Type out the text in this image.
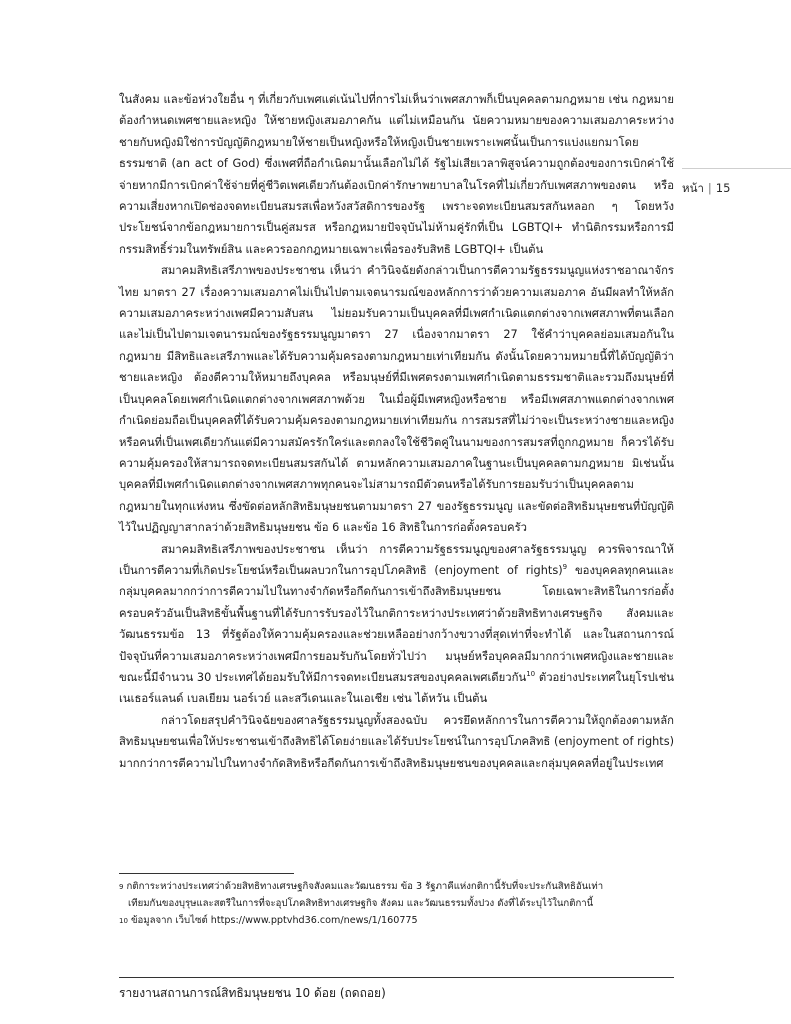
หน้า | 15

ในสังคม และข้อห่วงใยอื่น ๆ ที่เกี่ยวกับเพศแต่เน้นไปที่การไม่เห็นว่าเพศสภาพก็เป็นบุคคลตามกฎหมาย เช่น กฎหมายต้องกำหนดเพศชายและหญิง ให้ชายหญิงเสมอภาคกัน แต่ไม่เหมือนกัน นัยความหมายของความเสมอภาคระหว่างชายกับหญิงมิใช่การบัญญัติกฎหมายให้ชายเป็นหญิงหรือให้หญิงเป็นชายเพราะเพศนั้นเป็นการแบ่งแยกมาโดยธรรมชาติ (an act of God) ซึ่งเพศที่ถือกำเนิดมานั้นเลือกไม่ได้ รัฐไม่เสียเวลาพิสูจน์ความถูกต้องของการเบิกค่าใช้จ่ายหากมีการเบิกค่าใช้จ่ายที่คู่ชีวิตเพศเดียวกันต้องเบิกค่ารักษาพยาบาลในโรคที่ไม่เกี่ยวกับเพศสภาพของตน หรือความเสี่ยงหากเปิดช่องจดทะเบียนสมรสเพื่อหวังสวัสดิการของรัฐ เพราะจดทะเบียนสมรสกันหลอก ๆ โดยหวังประโยชน์จากข้อกฎหมายการเป็นคู่สมรส หรือกฎหมายปัจจุบันไม่ห้ามคู่รักที่เป็น LGBTQI+ ทำนิติกรรมหรือการมีกรรมสิทธิ์ร่วมในทรัพย์สิน และควรออกกฎหมายเฉพาะเพื่อรองรับสิทธิ LGBTQI+ เป็นต้น

สมาคมสิทธิเสรีภาพของประชาชน เห็นว่า คำวินิจฉัยดังกล่าวเป็นการตีความรัฐธรรมนูญแห่งราชอาณาจักรไทย มาตรา 27 เรื่องความเสมอภาคไม่เป็นไปตามเจตนารมณ์ของหลักการว่าด้วยความเสมอภาค อันมีผลทำให้หลักความเสมอภาคระหว่างเพศมีความสับสน ไม่ยอมรับความเป็นบุคคลที่มีเพศกำเนิดแตกต่างจากเพศสภาพที่ตนเลือกและไม่เป็นไปตามเจตนารมณ์ของรัฐธรรมนูญมาตรา 27 เนื่องจากมาตรา 27 ใช้คำว่าบุคคลย่อมเสมอกันในกฎหมาย มีสิทธิและเสรีภาพและได้รับความคุ้มครองตามกฎหมายเท่าเทียมกัน ดังนั้นโดยความหมายนี้ที่ได้บัญญัติว่า ชายและหญิง ต้องตีความให้หมายถึงบุคคล หรือมนุษย์ที่มีเพศตรงตามเพศกำเนิดตามธรรมชาติและรวมถึงมนุษย์ที่เป็นบุคคลโดยเพศกำเนิดแตกต่างจากเพศสภาพด้วย ในเมื่อผู้มีเพศหญิงหรือชาย หรือมีเพศสภาพแตกต่างจากเพศกำเนิดย่อมถือเป็นบุคคลที่ได้รับความคุ้มครองตามกฎหมายเท่าเทียมกัน การสมรสที่ไม่ว่าจะเป็นระหว่างชายและหญิงหรือคนที่เป็นเพศเดียวกันแต่มีความสมัครรักใคร่และตกลงใจใช้ชีวิตคู่ในนามของการสมรสที่ถูกกฎหมาย ก็ควรได้รับความคุ้มครองให้สามารถจดทะเบียนสมรสกันได้ ตามหลักความเสมอภาคในฐานะเป็นบุคคลตามกฎหมาย มิเช่นนั้นบุคคลที่มีเพศกำเนิดแตกต่างจากเพศสภาพทุกคนจะไม่สามารถมีตัวตนหรือได้รับการยอมรับว่าเป็นบุคคลตามกฎหมายในทุกแห่งหน ซึ่งขัดต่อหลักสิทธิมนุษยชนตามมาตรา 27 ของรัฐธรรมนูญ และขัดต่อสิทธิมนุษยชนที่บัญญัติไว้ในปฏิญญาสากลว่าด้วยสิทธิมนุษยชน ข้อ 6 และข้อ 16 สิทธิในการก่อตั้งครอบครัว

สมาคมสิทธิเสรีภาพของประชาชน เห็นว่า การตีความรัฐธรรมนูญของศาลรัฐธรรมนูญ ควรพิจารณาให้เป็นการตีความที่เกิดประโยชน์หรือเป็นผลบวกในการอุปโภคสิทธิ (enjoyment of rights)$^9$ ของบุคคลทุกคนและกลุ่มบุคคลมากกว่าการตีความไปในทางจำกัดหรือกีดกันการเข้าถึงสิทธิมนุษยชน โดยเฉพาะสิทธิในการก่อตั้งครอบครัวอันเป็นสิทธิขั้นพื้นฐานที่ได้รับการรับรองไว้ในกติการะหว่างประเทศว่าด้วยสิทธิทางเศรษฐกิจ สังคมและวัฒนธรรมข้อ 13 ที่รัฐต้องให้ความคุ้มครองและช่วยเหลืออย่างกว้างขวางที่สุดเท่าที่จะทำได้ และในสถานการณ์ปัจจุบันที่ความเสมอภาคระหว่างเพศมีการยอมรับกันโดยทั่วไปว่า มนุษย์หรือบุคคลมีมากกว่าเพศหญิงและชายและขณะนี้มีจำนวน 30 ประเทศได้ยอมรับให้มีการจดทะเบียนสมรสของบุคคลเพศเดียวกัน$^{10}$ ตัวอย่างประเทศในยุโรปเช่น เนเธอร์แลนด์ เบลเยียม นอร์เวย์ และสวีเดนและในเอเชีย เช่น ไต้หวัน เป็นต้น

กล่าวโดยสรุปคำวินิจฉัยของศาลรัฐธรรมนูญทั้งสองฉบับ ควรยึดหลักการในการตีความให้ถูกต้องตามหลักสิทธิมนุษยชนเพื่อให้ประชาชนเข้าถึงสิทธิได้โดยง่ายและได้รับประโยชน์ในการอุปโภคสิทธิ (enjoyment of rights) มากกว่าการตีความไปในทางจำกัดสิทธิหรือกีดกันการเข้าถึงสิทธิมนุษยชนของบุคคลและกลุ่มบุคคลที่อยู่ในประเทศ

$^9$ กติการะหว่างประเทศว่าด้วยสิทธิทางเศรษฐกิจสังคมและวัฒนธรรม ข้อ 3 รัฐภาคีแห่งกติกานี้รับที่จะประกันสิทธิอันเท่า
เทียมกันของบุรุษและสตรีในการที่จะอุปโภคสิทธิทางเศรษฐกิจ สังคม และวัฒนธรรมทั้งปวง ดังที่ได้ระบุไว้ในกติกานี้

$^{10}$ ข้อมูลจาก เว็บไซต์ https://www.pptvhd36.com/news/1/160775

รายงานสถานการณ์สิทธิมนุษยชน 10 ด้อย (ถดถอย)
